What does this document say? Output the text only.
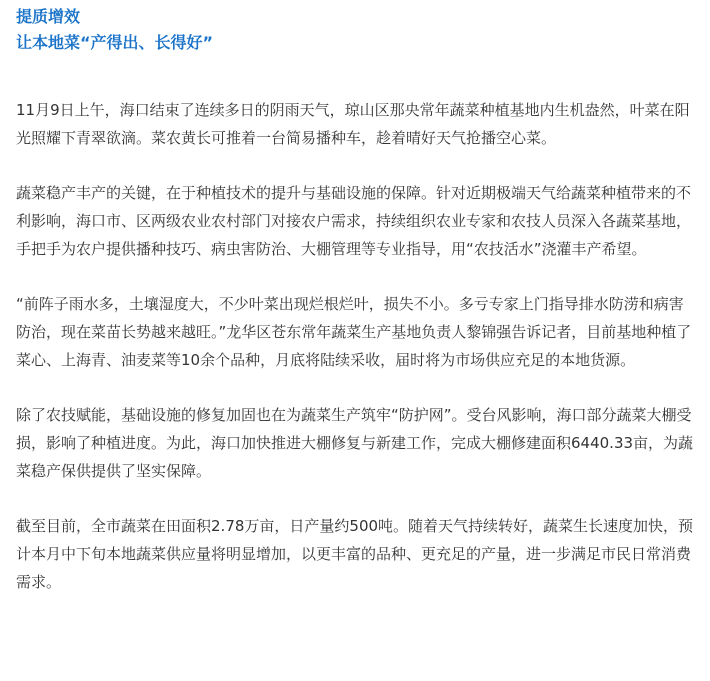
提质增效
让本地菜“产得出、长得好”

11月9日上午，海口结束了连续多日的阴雨天气，琼山区那央常年蔬菜种植基地内生机盎然，叶菜在阳光照耀下青翠欲滴。菜农黄长可推着一台简易播种车，趁着晴好天气抢播空心菜。

蔬菜稳产丰产的关键，在于种植技术的提升与基础设施的保障。针对近期极端天气给蔬菜种植带来的不利影响，海口市、区两级农业农村部门对接农户需求，持续组织农业专家和农技人员深入各蔬菜基地，手把手为农户提供播种技巧、病虫害防治、大棚管理等专业指导，用“农技活水”浇灌丰产希望。

“前阵子雨水多，土壤湿度大，不少叶菜出现烂根烂叶，损失不小。多亏专家上门指导排水防涝和病害防治，现在菜苗长势越来越旺。”龙华区苍东常年蔬菜生产基地负责人黎锦强告诉记者，目前基地种植了菜心、上海青、油麦菜等10余个品种，月底将陆续采收，届时将为市场供应充足的本地货源。

除了农技赋能，基础设施的修复加固也在为蔬菜生产筑牢“防护网”。受台风影响，海口部分蔬菜大棚受损，影响了种植进度。为此，海口加快推进大棚修复与新建工作，完成大棚修建面积6440.33亩，为蔬菜稳产保供提供了坚实保障。

截至目前，全市蔬菜在田面积2.78万亩，日产量约500吨。随着天气持续转好，蔬菜生长速度加快，预计本月中下旬本地蔬菜供应量将明显增加，以更丰富的品种、更充足的产量，进一步满足市民日常消费需求。
